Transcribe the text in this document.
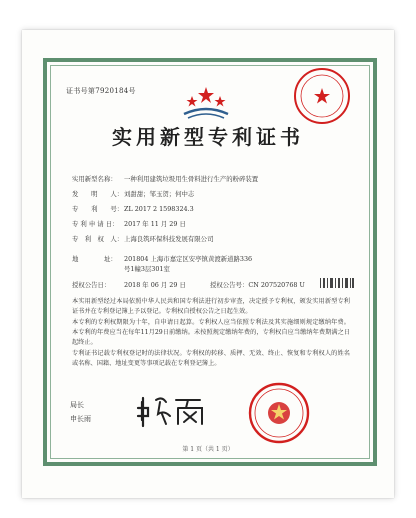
证书号第7920184号
实用新型专利证书
实用新型名称： 一种利用建筑垃圾用生骨料进行生产的粉碎装置
发　　明　　人：刘甜甜；邹玉贺；何中志
专　　利　　号：ZL 2017 2 1598324.3
专 利 申 请 日： 2017 年 11 月 29 日
专　利　权　人：上海良筑环保科技发展有限公司
地　　　　址： 201804 上海市嘉定区安亭镇黄渡新道路336
号1幢3层301室
授权公告日： 2018 年 06 月 29 日	授权公告号：CN 207520768 U
本实用新型经过本局依照中华人民共和国专利法进行初步审查，决定授予专利权，颁发实用新型专利证书并在专利登记簿上予以登记。专利权自授权公告之日起生效。
本专利的专利权期限为十年，自申请日起算。专利权人应当依照专利法及其实施细则规定缴纳年费。本专利的年费应当在每年11月29日前缴纳。未按照规定缴纳年费的，专利权自应当缴纳年费期满之日起终止。
专利证书记载专利权登记时的法律状况。专利权的转移、质押、无效、终止、恢复和专利权人的姓名或名称、国籍、地址变更等事项记载在专利登记簿上。
局长
申长雨
第 1 页（共 1 页）
